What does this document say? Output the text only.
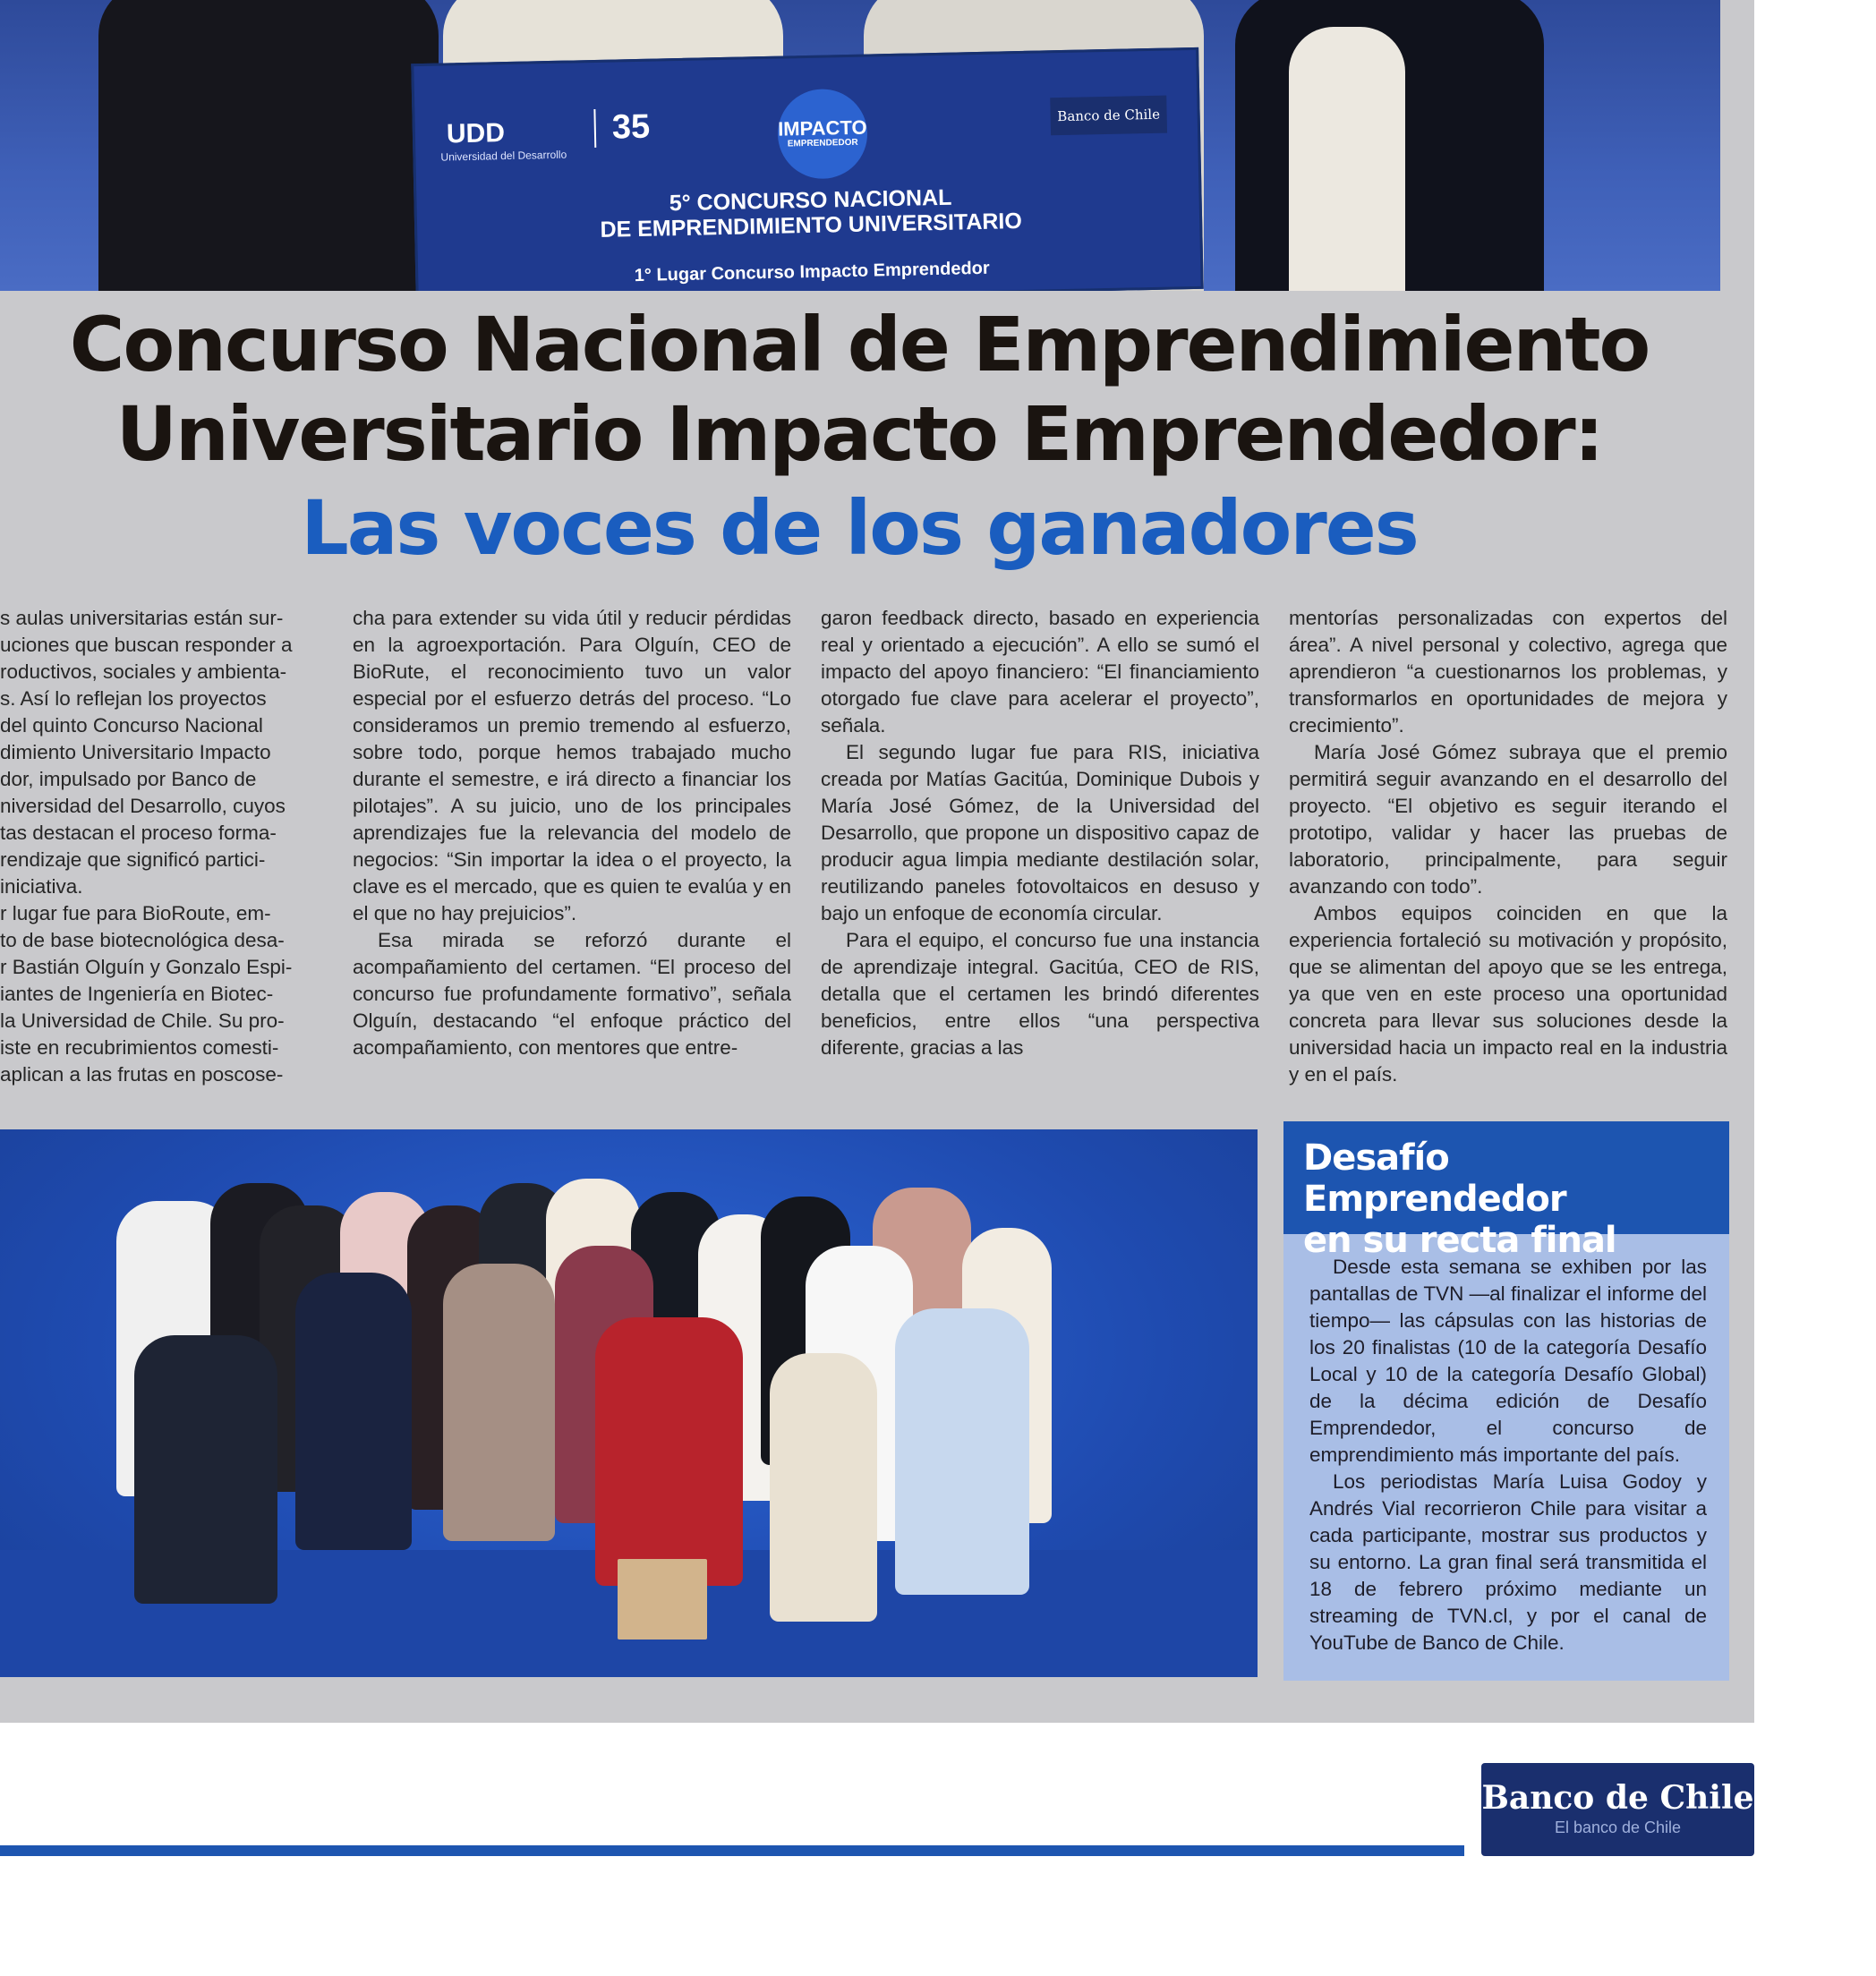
UDD
Universidad del Desarrollo
35	IMPACTO
EMPRENDEDOR
Banco de Chile
5° CONCURSO NACIONAL
DE EMPRENDIMIENTO UNIVERSITARIO
1° Lugar Concurso Impacto Emprendedor
Concurso Nacional de Emprendimiento
Universitario Impacto Emprendedor:
Las voces de los ganadores
s aulas universitarias están sur-
uciones que buscan responder a
roductivos, sociales y ambienta-
s. Así lo reflejan los proyectos
del quinto Concurso Nacional
dimiento Universitario Impacto
dor, impulsado por Banco de
niversidad del Desarrollo, cuyos
tas destacan el proceso forma-
rendizaje que significó partici-
iniciativa.
r lugar fue para BioRoute, em-
to de base biotecnológica desa-
r Bastián Olguín y Gonzalo Espi-
iantes de Ingeniería en Biotec-
la Universidad de Chile. Su pro-
iste en recubrimientos comesti-
aplican a las frutas en poscose-

cha para extender su vida útil y reducir pérdidas en la agroexportación. Para Olguín, CEO de BioRute, el reconocimiento tuvo un valor especial por el esfuerzo detrás del proceso. “Lo consideramos un premio tremendo al esfuerzo, sobre todo, porque hemos trabajado mucho durante el semestre, e irá directo a financiar los pilotajes”. A su juicio, uno de los principales aprendizajes fue la relevancia del modelo de negocios: “Sin importar la idea o el proyecto, la clave es el mercado, que es quien te evalúa y en el que no hay prejuicios”.

Esa mirada se reforzó durante el acompañamiento del certamen. “El proceso del concurso fue profundamente formativo”, señala Olguín, destacando “el enfoque práctico del acompañamiento, con mentores que entre-

garon feedback directo, basado en experiencia real y orientado a ejecución”. A ello se sumó el impacto del apoyo financiero: “El financiamiento otorgado fue clave para acelerar el proyecto”, señala.

El segundo lugar fue para RIS, iniciativa creada por Matías Gacitúa, Dominique Dubois y María José Gómez, de la Universidad del Desarrollo, que propone un dispositivo capaz de producir agua limpia mediante destilación solar, reutilizando paneles fotovoltaicos en desuso y bajo un enfoque de economía circular.

Para el equipo, el concurso fue una instancia de aprendizaje integral. Gacitúa, CEO de RIS, detalla que el certamen les brindó diferentes beneficios, entre ellos “una perspectiva diferente, gracias a las

mentorías personalizadas con expertos del área”. A nivel personal y colectivo, agrega que aprendieron “a cuestionarnos los problemas, y transformarlos en oportunidades de mejora y crecimiento”.

María José Gómez subraya que el premio permitirá seguir avanzando en el desarrollo del proyecto. “El objetivo es seguir iterando el prototipo, validar y hacer las pruebas de laboratorio, principalmente, para seguir avanzando con todo”.

Ambos equipos coinciden en que la experiencia fortaleció su motivación y propósito, que se alimentan del apoyo que se les entrega, ya que ven en este proceso una oportunidad concreta para llevar sus soluciones desde la universidad hacia un impacto real en la industria y en el país.

Desafío Emprendedor
en su recta final

Desde esta semana se exhiben por las pantallas de TVN —al finalizar el informe del tiempo— las cápsulas con las historias de los 20 finalistas (10 de la categoría Desafío Local y 10 de la categoría Desafío Global) de la décima edición de Desafío Emprendedor, el concurso de emprendimiento más importante del país.

Los periodistas María Luisa Godoy y Andrés Vial recorrieron Chile para visitar a cada participante, mostrar sus productos y su entorno. La gran final será transmitida el 18 de febrero próximo mediante un streaming de TVN.cl, y por el canal de YouTube de Banco de Chile.

Banco de Chile
El banco de Chile
